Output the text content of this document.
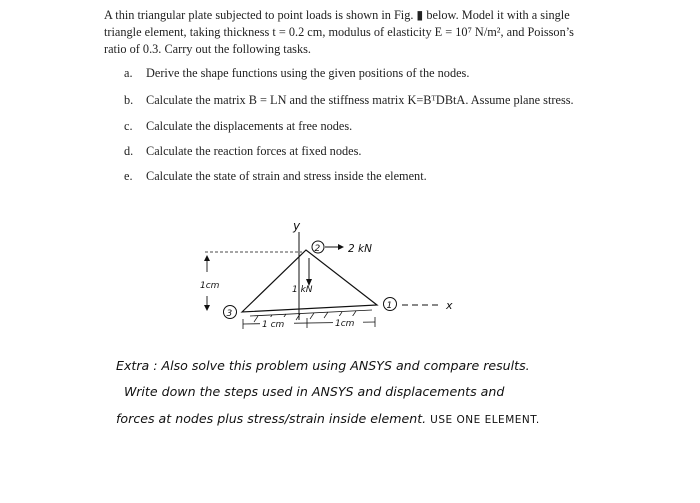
A thin triangular plate subjected to point loads is shown in Fig. ▮ below. Model it with a single
triangle element, taking thickness t = 0.2 cm, modulus of elasticity E = 10⁷ N/m², and Poisson’s
ratio of 0.3. Carry out the following tasks.
a. Derive the shape functions using the given positions of the nodes.
b. Calculate the matrix B = LN and the stiffness matrix K=BᵀDBtA. Assume plane stress.
c. Calculate the displacements at free nodes.
d. Calculate the reaction forces at fixed nodes.
e. Calculate the state of strain and stress inside the element.
y
2	2 kN
1 kN
1cm
3
1	x
1 cm	1cm
Extra : Also solve this problem using ANSYS and compare results.
Write down the steps used in ANSYS and displacements and
forces at nodes plus stress/strain inside element. USE ONE ELEMENT.
